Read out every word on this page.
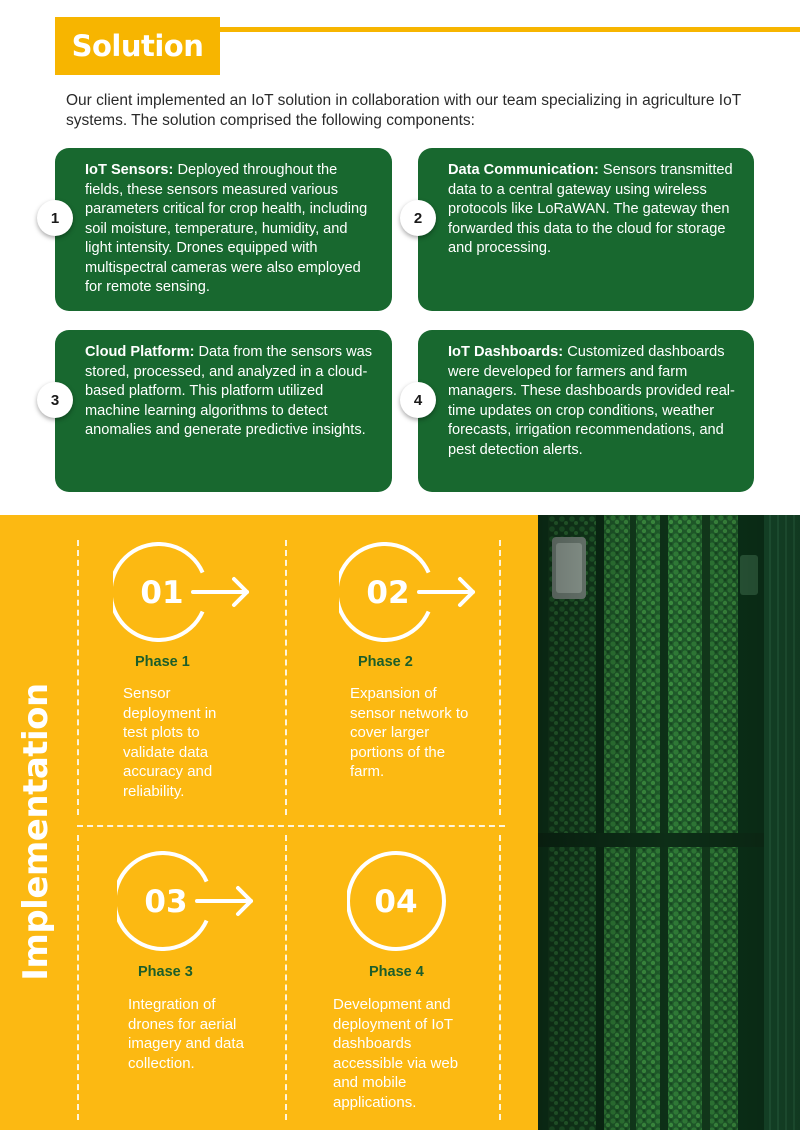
Solution

Our client implemented an IoT solution in collaboration with our team specializing in agriculture IoT systems. The solution comprised the following components:

IoT Sensors: Deployed throughout the fields, these sensors measured various parameters critical for crop health, including soil moisture, temperature, humidity, and light intensity. Drones equipped with multispectral cameras were also employed for remote sensing.
1
Data Communication: Sensors transmitted data to a central gateway using wireless protocols like LoRaWAN. The gateway then forwarded this data to the cloud for storage and processing.
2
Cloud Platform: Data from the sensors was stored, processed, and analyzed in a cloud-based platform. This platform utilized machine learning algorithms to detect anomalies and generate predictive insights.
3
IoT Dashboards: Customized dashboards were developed for farmers and farm managers. These dashboards provided real-time updates on crop conditions, weather forecasts, irrigation recommendations, and pest detection alerts.
4
Implementation
01
Phase 1
Sensor deployment in test plots to validate data accuracy and reliability.
02
Phase 2
Expansion of sensor network to cover larger portions of the farm.
03
Phase 3
Integration of drones for aerial imagery and data collection.
04
Phase 4
Development and deployment of IoT dashboards accessible via web and mobile applications.
